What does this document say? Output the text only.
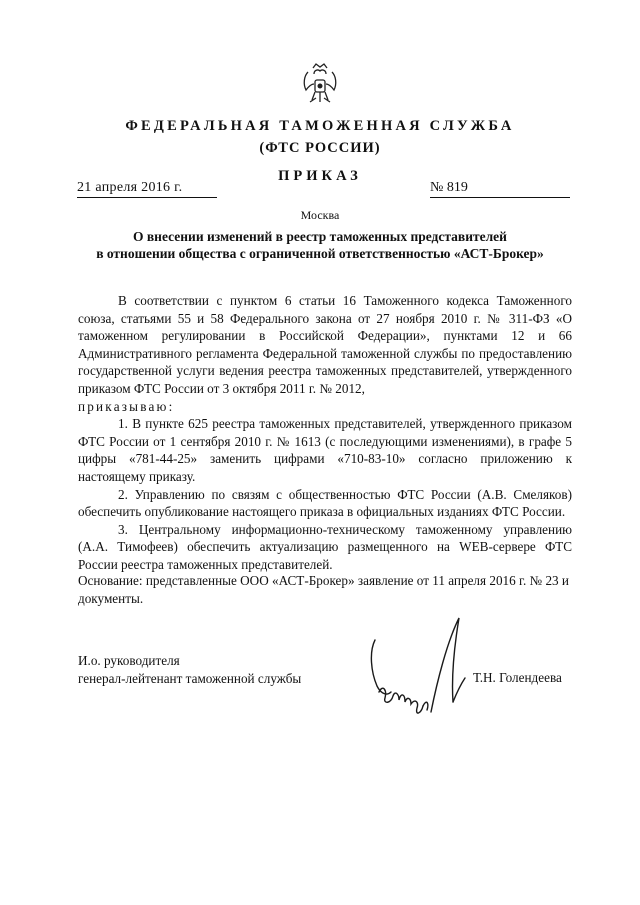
ФЕДЕРАЛЬНАЯ ТАМОЖЕННАЯ СЛУЖБА
(ФТС РОССИИ)
ПРИКАЗ
21 апреля 2016 г.	№ 819
Москва
О внесении изменений в реестр таможенных представителей
в отношении общества с ограниченной ответственностью «АСТ-Брокер»

В соответствии с пунктом 6 статьи 16 Таможенного кодекса Таможенного союза, статьями 55 и 58 Федерального закона от 27 ноября 2010 г. № 311-ФЗ «О таможенном регулировании в Российской Федерации», пунктами 12 и 66 Административного регламента Федеральной таможенной службы по предоставлению государственной услуги ведения реестра таможенных представителей, утвержденного приказом ФТС России от 3 октября 2011 г. № 2012,

приказываю:

1. В пункте 625 реестра таможенных представителей, утвержденного приказом ФТС России от 1 сентября 2010 г. № 1613 (с последующими изменениями), в графе 5 цифры «781-44-25» заменить цифрами «710-83-10» согласно приложению к настоящему приказу.

2. Управлению по связям с общественностью ФТС России (А.В. Смеляков) обеспечить опубликование настоящего приказа в официальных изданиях ФТС России.

3. Центральному информационно-техническому таможенному управлению (А.А. Тимофеев) обеспечить актуализацию размещенного на WEB-сервере ФТС России реестра таможенных представителей.

Основание: представленные ООО «АСТ-Брокер» заявление от 11 апреля 2016 г. № 23 и документы.
И.о. руководителя
генерал-лейтенант таможенной службы	Т.Н. Голендеева
